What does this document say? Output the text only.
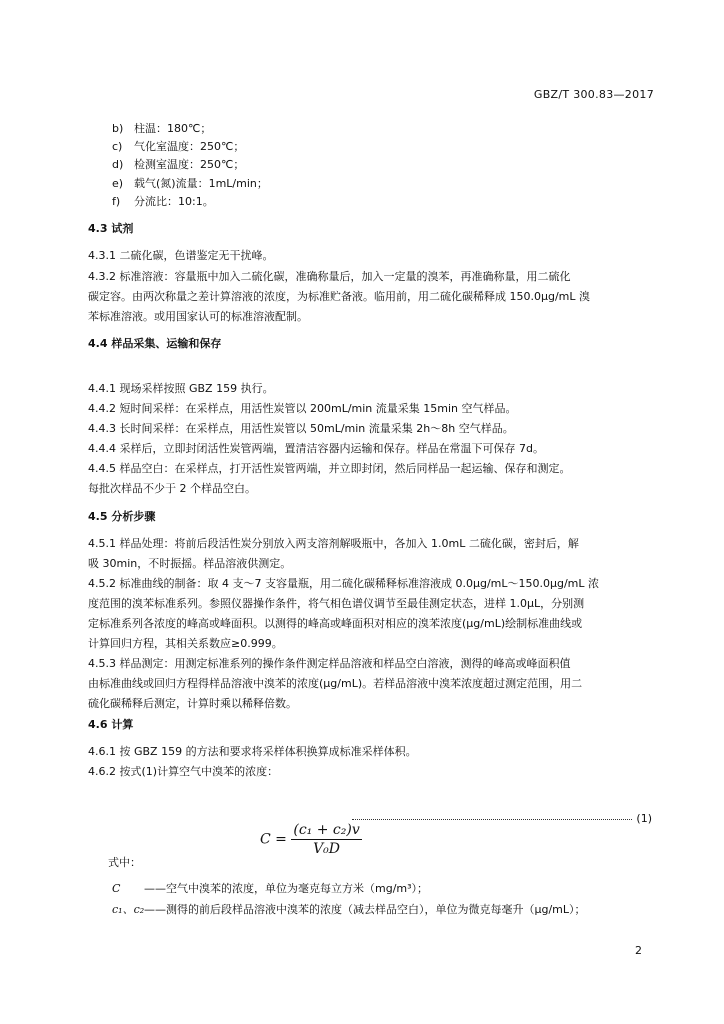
GBZ/T 300.83—2017
b) 柱温：180℃；
c) 气化室温度：250℃；
d) 检测室温度：250℃；
e) 载气(氮)流量：1mL/min；
f) 分流比：10:1。
4.3 试剂
4.3.1 二硫化碳，色谱鉴定无干扰峰。
4.3.2 标准溶液：容量瓶中加入二硫化碳，准确称量后，加入一定量的溴苯，再准确称量，用二硫化
碳定容。由两次称量之差计算溶液的浓度，为标准贮备液。临用前，用二硫化碳稀释成 150.0μg/mL 溴
苯标准溶液。或用国家认可的标准溶液配制。
4.4 样品采集、运输和保存
4.4.1 现场采样按照 GBZ 159 执行。
4.4.2 短时间采样：在采样点，用活性炭管以 200mL/min 流量采集 15min 空气样品。
4.4.3 长时间采样：在采样点，用活性炭管以 50mL/min 流量采集 2h～8h 空气样品。
4.4.4 采样后，立即封闭活性炭管两端，置清洁容器内运输和保存。样品在常温下可保存 7d。
4.4.5 样品空白：在采样点，打开活性炭管两端，并立即封闭，然后同样品一起运输、保存和测定。
每批次样品不少于 2 个样品空白。
4.5 分析步骤
4.5.1 样品处理：将前后段活性炭分别放入两支溶剂解吸瓶中，各加入 1.0mL 二硫化碳，密封后，解
吸 30min，不时振摇。样品溶液供测定。
4.5.2 标准曲线的制备：取 4 支～7 支容量瓶，用二硫化碳稀释标准溶液成 0.0μg/mL～150.0μg/mL 浓
度范围的溴苯标准系列。参照仪器操作条件，将气相色谱仪调节至最佳测定状态，进样 1.0μL，分别测
定标准系列各浓度的峰高或峰面积。以测得的峰高或峰面积对相应的溴苯浓度(μg/mL)绘制标准曲线或
计算回归方程，其相关系数应≥0.999。
4.5.3 样品测定：用测定标准系列的操作条件测定样品溶液和样品空白溶液，测得的峰高或峰面积值
由标准曲线或回归方程得样品溶液中溴苯的浓度(μg/mL)。若样品溶液中溴苯浓度超过测定范围，用二
硫化碳稀释后测定，计算时乘以稀释倍数。
4.6 计算
4.6.1 按 GBZ 159 的方法和要求将采样体积换算成标准采样体积。
4.6.2 按式(1)计算空气中溴苯的浓度：
$C = \frac{\text{(c₁ + c₂)v}}{\text{V₀D}}$
(1)
式中：
C ——空气中溴苯的浓度，单位为毫克每立方米（mg/m³）；
c₁、c₂——测得的前后段样品溶液中溴苯的浓度（减去样品空白），单位为微克每毫升（μg/mL）；
2
